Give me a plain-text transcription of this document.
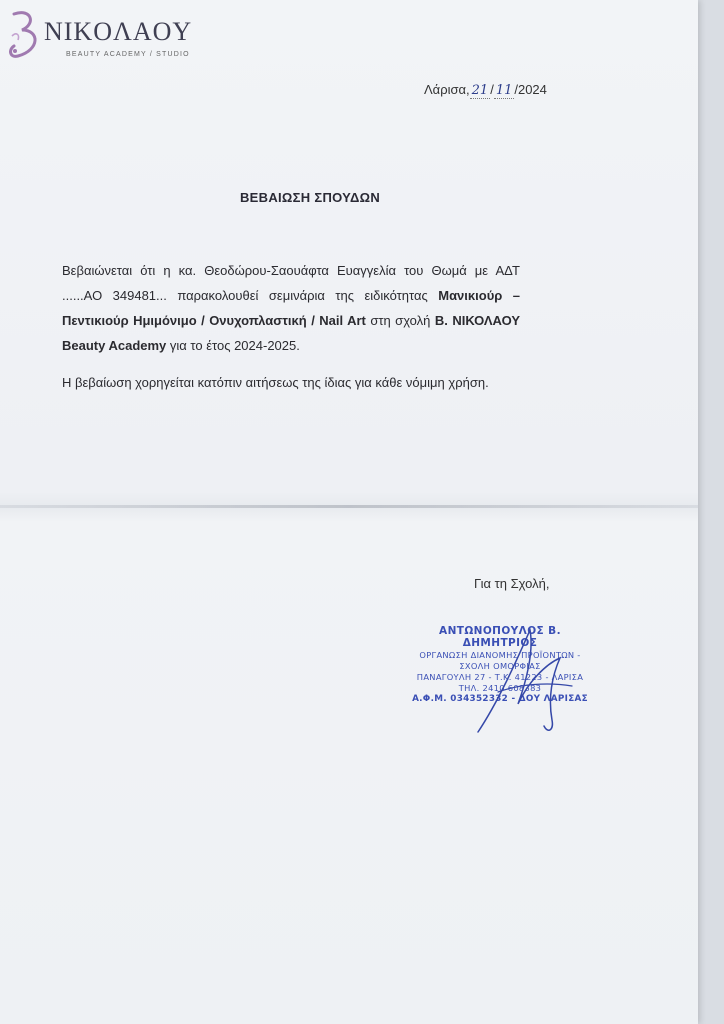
NIKOΛAOY
BEAUTY ACADEMY / STUDIO
Λάρισα, 21 / 11 /2024
ΒΕΒΑΙΩΣΗ ΣΠΟΥΔΩΝ

Βεβαιώνεται ότι η κα. Θεοδώρου-Σαουάφτα Ευαγγελία του Θωμά με ΑΔΤ ......ΑΟ 349481... παρακολουθεί σεμινάρια της ειδικότητας Μανικιούρ – Πεντικιούρ Ημιμόνιμο / Ονυχοπλαστική / Nail Art στη σχολή Β. ΝΙΚΟΛΑΟΥ Beauty Academy για το έτος 2024-2025.

Η βεβαίωση χορηγείται κατόπιν αιτήσεως της ίδιας για κάθε νόμιμη χρήση.

Για τη Σχολή,
ΑΝΤΩΝΟΠΟΥΛΟΣ Β. ΔΗΜΗΤΡΙΟΣ
ΟΡΓΑΝΩΣΗ ΔΙΑΝΟΜΗΣ ΠΡΟΪΟΝΤΩΝ -
ΣΧΟΛΗ ΟΜΟΡΦΙΑΣ
ΠΑΝΑΓΟΥΛΗ 27 - Τ.Κ. 41223 - ΛΑΡΙΣΑ
ΤΗΛ. 2410 608383
Α.Φ.Μ. 034352332 - ΔΟΥ ΛΑΡΙΣΑΣ
